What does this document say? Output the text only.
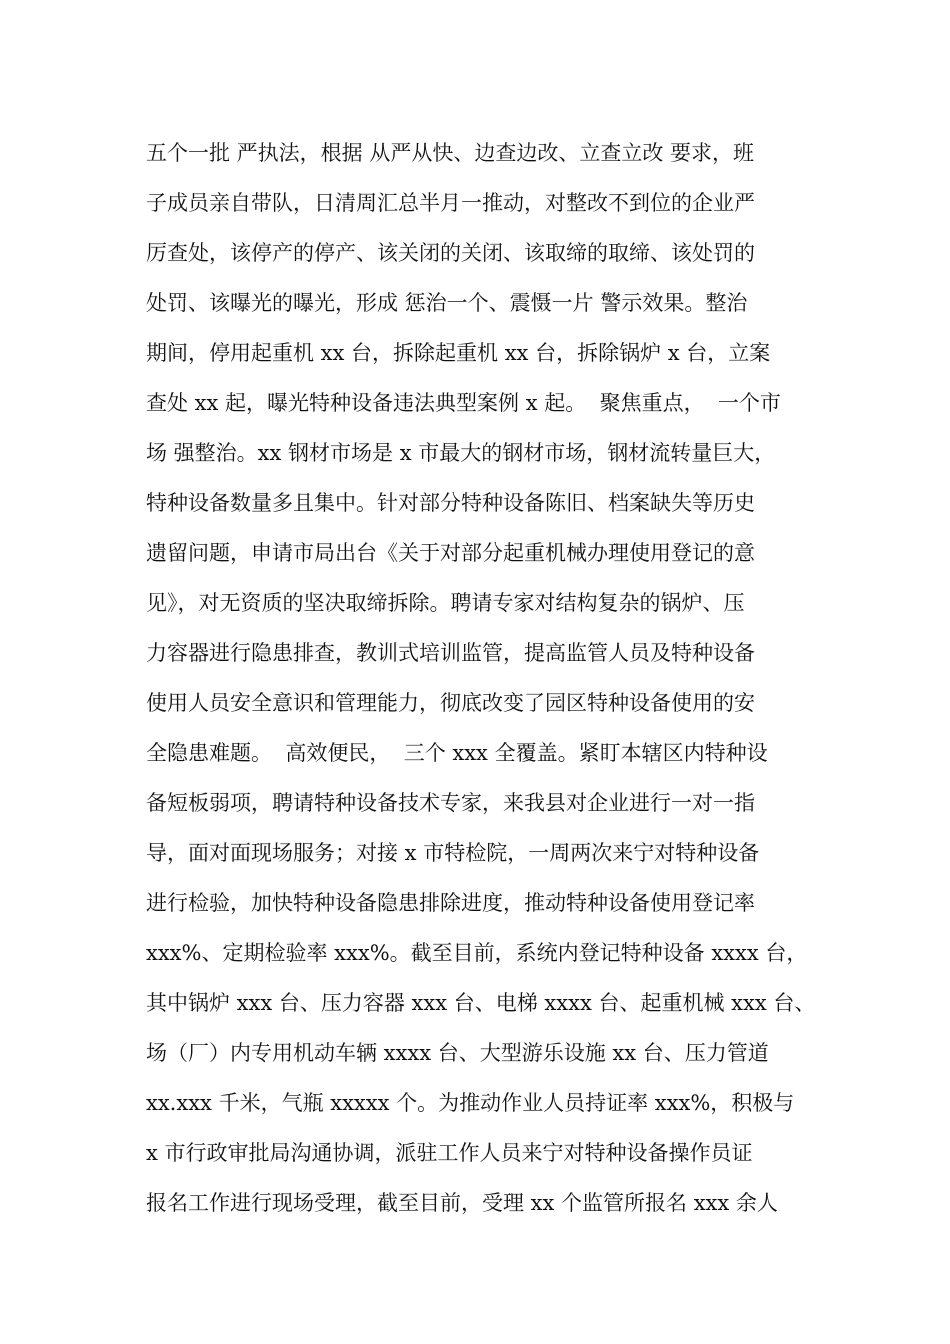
五个一批 严执法，根据 从严从快、边查边改、立查立改 要求，班
子成员亲自带队，日清周汇总半月一推动，对整改不到位的企业严
厉查处，该停产的停产、该关闭的关闭、该取缔的取缔、该处罚的
处罚、该曝光的曝光，形成 惩治一个、震慑一片 警示效果。整治
期间，停用起重机 xx 台，拆除起重机 xx 台，拆除锅炉 x 台，立案
查处 xx 起，曝光特种设备违法典型案例 x 起。  聚焦重点，  一个市
场 强整治。xx 钢材市场是 x 市最大的钢材市场，钢材流转量巨大，
特种设备数量多且集中。针对部分特种设备陈旧、档案缺失等历史
遗留问题，申请市局出台《关于对部分起重机械办理使用登记的意
见》，对无资质的坚决取缔拆除。聘请专家对结构复杂的锅炉、压
力容器进行隐患排查，教训式培训监管，提高监管人员及特种设备
使用人员安全意识和管理能力，彻底改变了园区特种设备使用的安
全隐患难题。  高效便民，  三个 xxx 全覆盖。紧盯本辖区内特种设
备短板弱项，聘请特种设备技术专家，来我县对企业进行一对一指
导，面对面现场服务；对接 x 市特检院，一周两次来宁对特种设备
进行检验，加快特种设备隐患排除进度，推动特种设备使用登记率
xxx%、定期检验率 xxx%。截至目前，系统内登记特种设备 xxxx 台，
其中锅炉 xxx 台、压力容器 xxx 台、电梯 xxxx 台、起重机械 xxx 台、
场（厂）内专用机动车辆 xxxx 台、大型游乐设施 xx 台、压力管道
xx.xxx 千米，气瓶 xxxxx 个。为推动作业人员持证率 xxx%，积极与
x 市行政审批局沟通协调，派驻工作人员来宁对特种设备操作员证
报名工作进行现场受理，截至目前，受理 xx 个监管所报名 xxx 余人
